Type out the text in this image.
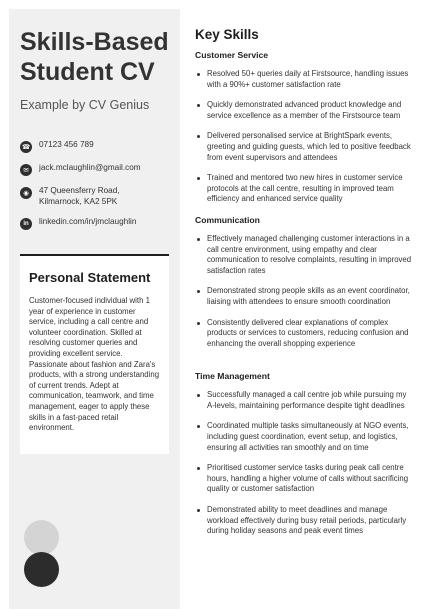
Skills-Based
Student CV
Example by CV Genius
☎ 07123 456 789
✉	jack.mclaughlin@gmail.com
◉	47 Queensferry Road,
Kilmarnock, KA2 5PK
in	linkedin.com/in/jmclaughlin
Personal Statement
Customer-focused individual with 1 year of experience in customer service, including a call centre and volunteer coordination. Skilled at resolving customer queries and providing excellent service. Passionate about fashion and Zara's products, with a strong understanding of current trends. Adept at communication, teamwork, and time management, eager to apply these skills in a fast-paced retail environment.
Key Skills
Customer Service
Resolved 50+ queries daily at Firstsource, handling issues with a 90%+ customer satisfaction rate
Quickly demonstrated advanced product knowledge and service excellence as a member of the Firstsource team
Delivered personalised service at BrightSpark events, greeting and guiding guests, which led to positive feedback from event supervisors and attendees
Trained and mentored two new hires in customer service protocols at the call centre, resulting in improved team efficiency and enhanced service quality
Communication
Effectively managed challenging customer interactions in a call centre environment, using empathy and clear communication to resolve complaints, resulting in improved satisfaction rates
Demonstrated strong people skills as an event coordinator, liaising with attendees to ensure smooth coordination
Consistently delivered clear explanations of complex products or services to customers, reducing confusion and enhancing the overall shopping experience
Time Management
Successfully managed a call centre job while pursuing my A-levels, maintaining performance despite tight deadlines
Coordinated multiple tasks simultaneously at NGO events, including guest coordination, event setup, and logistics, ensuring all activities ran smoothly and on time
Prioritised customer service tasks during peak call centre hours, handling a higher volume of calls without sacrificing quality or customer satisfaction
Demonstrated ability to meet deadlines and manage workload effectively during busy retail periods, particularly during holiday seasons and peak event times
